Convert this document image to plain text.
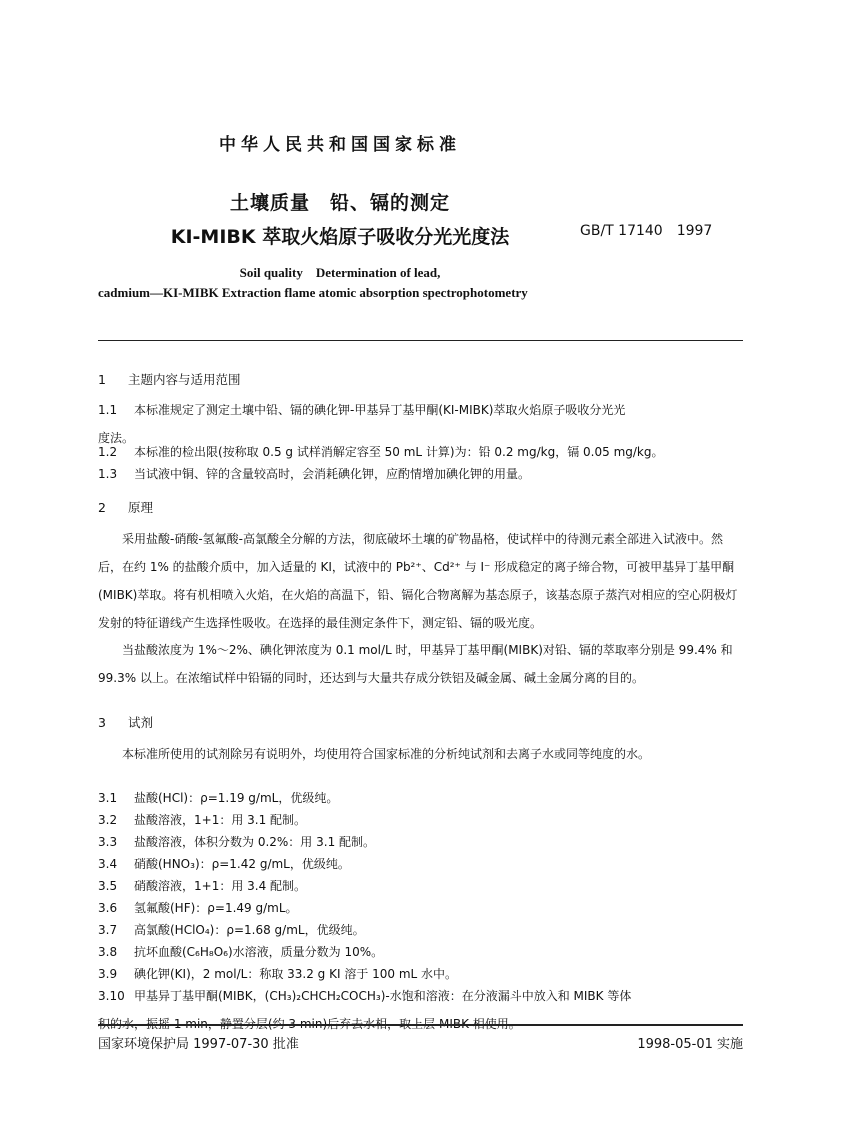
中华人民共和国国家标准
土壤质量　铅、镉的测定
KI-MIBK 萃取火焰原子吸收分光光度法	GB/T 17140　1997
Soil quality　Determination of lead,
cadmium—KI-MIBK Extraction flame atomic absorption spectrophotometry
1 主题内容与适用范围
1.1 本标准规定了测定土壤中铅、镉的碘化钾-甲基异丁基甲酮(KI-MIBK)萃取火焰原子吸收分光光
度法。
1.2 本标准的检出限(按称取 0.5 g 试样消解定容至 50 mL 计算)为：铅 0.2 mg/kg，镉 0.05 mg/kg。
1.3 当试液中铜、锌的含量较高时，会消耗碘化钾，应酌情增加碘化钾的用量。
2 原理
采用盐酸-硝酸-氢氟酸-高氯酸全分解的方法，彻底破坏土壤的矿物晶格，使试样中的待测元素全部进入试液中。然后，在约 1% 的盐酸介质中，加入适量的 KI，试液中的 Pb²⁺、Cd²⁺ 与 I⁻ 形成稳定的离子缔合物，可被甲基异丁基甲酮(MIBK)萃取。将有机相喷入火焰，在火焰的高温下，铅、镉化合物离解为基态原子，该基态原子蒸汽对相应的空心阴极灯发射的特征谱线产生选择性吸收。在选择的最佳测定条件下，测定铅、镉的吸光度。
当盐酸浓度为 1%～2%、碘化钾浓度为 0.1 mol/L 时，甲基异丁基甲酮(MIBK)对铅、镉的萃取率分别是 99.4% 和 99.3% 以上。在浓缩试样中铅镉的同时，还达到与大量共存成分铁铝及碱金属、碱土金属分离的目的。
3 试剂
本标准所使用的试剂除另有说明外，均使用符合国家标准的分析纯试剂和去离子水或同等纯度的水。
3.1 盐酸(HCl)：ρ=1.19 g/mL，优级纯。
3.2 盐酸溶液，1+1：用 3.1 配制。
3.3 盐酸溶液，体积分数为 0.2%：用 3.1 配制。
3.4 硝酸(HNO₃)：ρ=1.42 g/mL，优级纯。
3.5 硝酸溶液，1+1：用 3.4 配制。
3.6 氢氟酸(HF)：ρ=1.49 g/mL。
3.7 高氯酸(HClO₄)：ρ=1.68 g/mL，优级纯。
3.8 抗坏血酸(C₆H₈O₆)水溶液，质量分数为 10%。
3.9 碘化钾(KI)，2 mol/L：称取 33.2 g KI 溶于 100 mL 水中。
3.10 甲基异丁基甲酮(MIBK，(CH₃)₂CHCH₂COCH₃)-水饱和溶液：在分液漏斗中放入和 MIBK 等体
积的水，振摇 1 min，静置分层(约 3 min)后弃去水相，取上层 MIBK 相使用。
国家环境保护局 1997-07-30 批准	1998-05-01 实施
